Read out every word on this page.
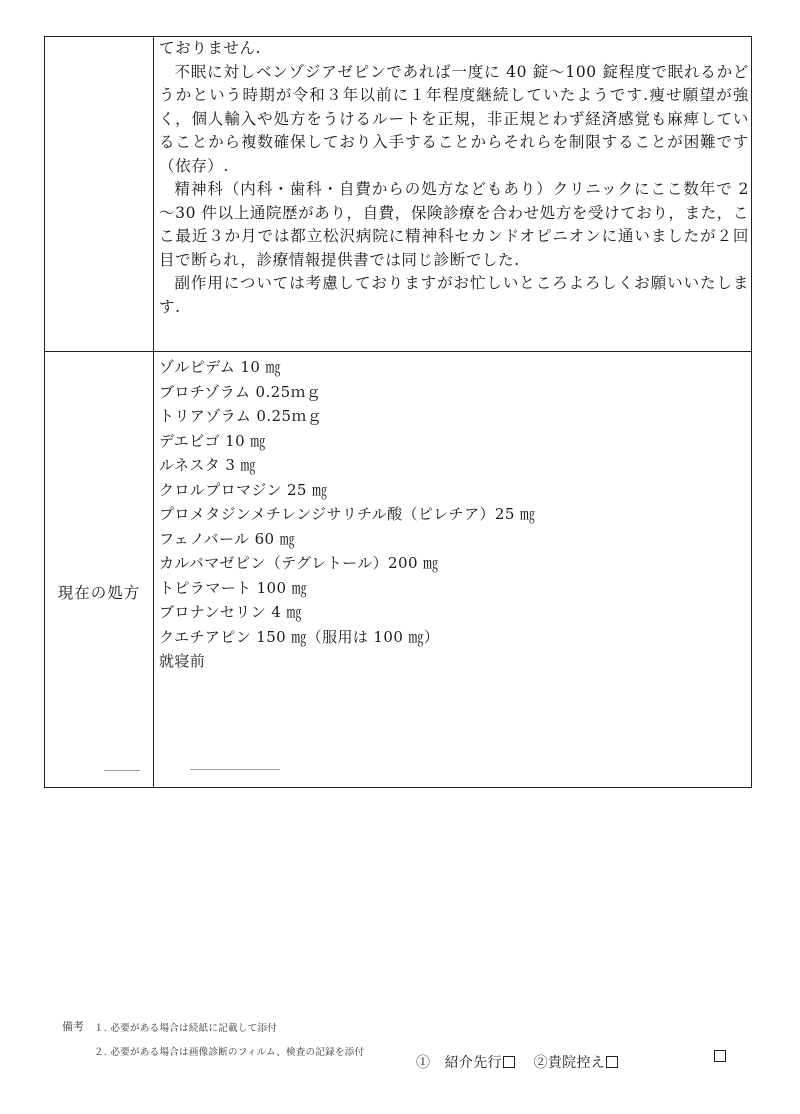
ておりません.

不眠に対しベンゾジアゼピンであれば一度に 40 錠～100 錠程度で眠れるかどうかという時期が令和３年以前に１年程度継続していたようです.痩せ願望が強く，個人輸入や処方をうけるルートを正規，非正規とわず経済感覚も麻痺していることから複数確保しており入手することからそれらを制限することが困難です（依存）.

精神科（内科・歯科・自費からの処方などもあり）クリニックにここ数年で 2～30 件以上通院歴があり，自費，保険診療を合わせ処方を受けており，また，ここ最近３か月では都立松沢病院に精神科セカンドオピニオンに通いましたが２回目で断られ，診療情報提供書では同じ診断でした.

副作用については考慮しておりますがお忙しいところよろしくお願いいたします.

現在の処方
ゾルピデム 10 ㎎
ブロチゾラム 0.25ｍｇ
トリアゾラム 0.25ｍｇ
デエビゴ 10 ㎎
ルネスタ 3 ㎎
クロルプロマジン 25 ㎎
プロメタジンメチレンジサリチル酸（ピレチア）25 ㎎
フェノバール 60 ㎎
カルバマゼピン（テグレトール）200 ㎎
トピラマート 100 ㎎
ブロナンセリン 4 ㎎
クエチアピン 150 ㎎（服用は 100 ㎎）
就寝前
備考 １. 必要がある場合は続紙に記載して添付
２. 必要がある場合は画像診断のフィルム、検査の記録を添付
①　紹介先行 ②貴院控え
